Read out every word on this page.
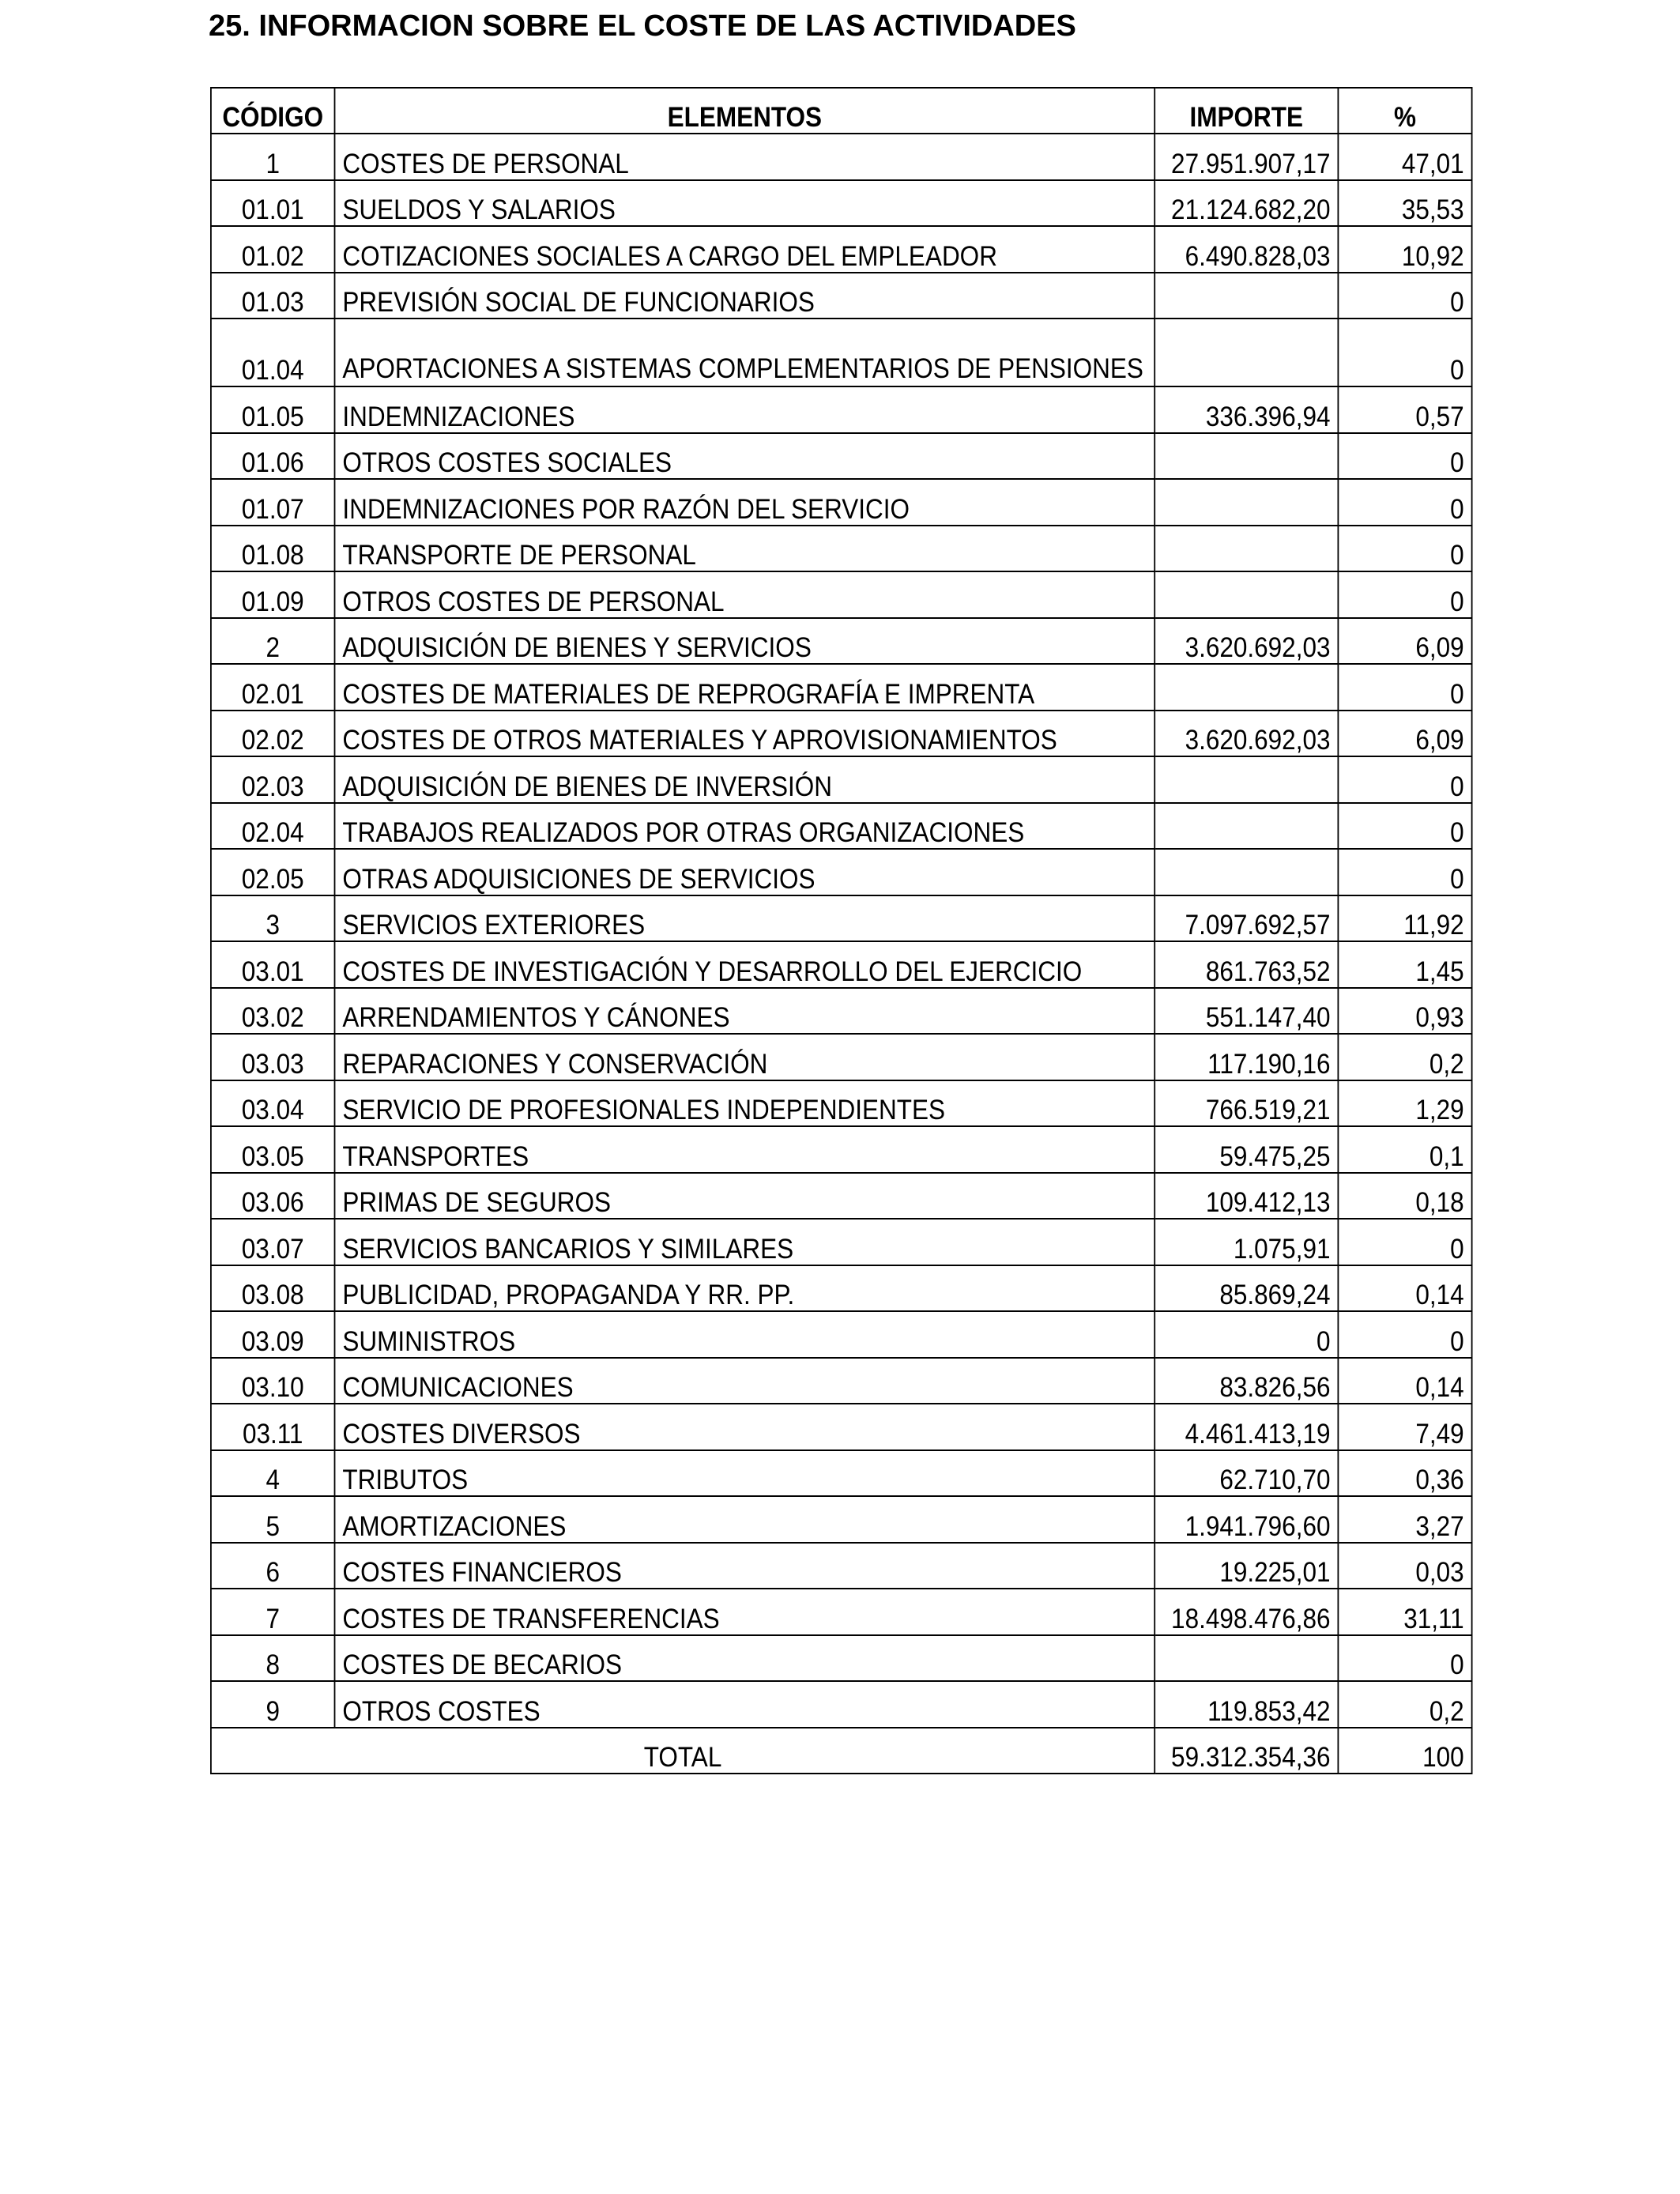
25. INFORMACION SOBRE EL COSTE DE LAS ACTIVIDADES
CÓDIGO	ELEMENTOS	IMPORTE	%
1	COSTES DE PERSONAL	27.951.907,17	47,01
01.01	SUELDOS Y SALARIOS	21.124.682,20	35,53
01.02	COTIZACIONES SOCIALES A CARGO DEL EMPLEADOR	6.490.828,03	10,92
01.03	PREVISIÓN SOCIAL DE FUNCIONARIOS		0
01.04	APORTACIONES A SISTEMAS COMPLEMENTARIOS DE PENSIONES		0
01.05	INDEMNIZACIONES	336.396,94	0,57
01.06	OTROS COSTES SOCIALES		0
01.07	INDEMNIZACIONES POR RAZÓN DEL SERVICIO		0
01.08	TRANSPORTE DE PERSONAL		0
01.09	OTROS COSTES DE PERSONAL		0
2	ADQUISICIÓN DE BIENES Y SERVICIOS	3.620.692,03	6,09
02.01	COSTES DE MATERIALES DE REPROGRAFÍA E IMPRENTA		0
02.02	COSTES DE OTROS MATERIALES Y APROVISIONAMIENTOS	3.620.692,03	6,09
02.03	ADQUISICIÓN DE BIENES DE INVERSIÓN		0
02.04	TRABAJOS REALIZADOS POR OTRAS ORGANIZACIONES		0
02.05	OTRAS ADQUISICIONES DE SERVICIOS		0
3	SERVICIOS EXTERIORES	7.097.692,57	11,92
03.01	COSTES DE INVESTIGACIÓN Y DESARROLLO DEL EJERCICIO	861.763,52	1,45
03.02	ARRENDAMIENTOS Y CÁNONES	551.147,40	0,93
03.03	REPARACIONES Y CONSERVACIÓN	117.190,16	0,2
03.04	SERVICIO DE PROFESIONALES INDEPENDIENTES	766.519,21	1,29
03.05	TRANSPORTES	59.475,25	0,1
03.06	PRIMAS DE SEGUROS	109.412,13	0,18
03.07	SERVICIOS BANCARIOS Y SIMILARES	1.075,91	0
03.08	PUBLICIDAD, PROPAGANDA Y RR. PP.	85.869,24	0,14
03.09	SUMINISTROS	0	0
03.10	COMUNICACIONES	83.826,56	0,14
03.11	COSTES DIVERSOS	4.461.413,19	7,49
4	TRIBUTOS	62.710,70	0,36
5	AMORTIZACIONES	1.941.796,60	3,27
6	COSTES FINANCIEROS	19.225,01	0,03
7	COSTES DE TRANSFERENCIAS	18.498.476,86	31,11
8	COSTES DE BECARIOS		0
9	OTROS COSTES	119.853,42	0,2
TOTAL		59.312.354,36	100
